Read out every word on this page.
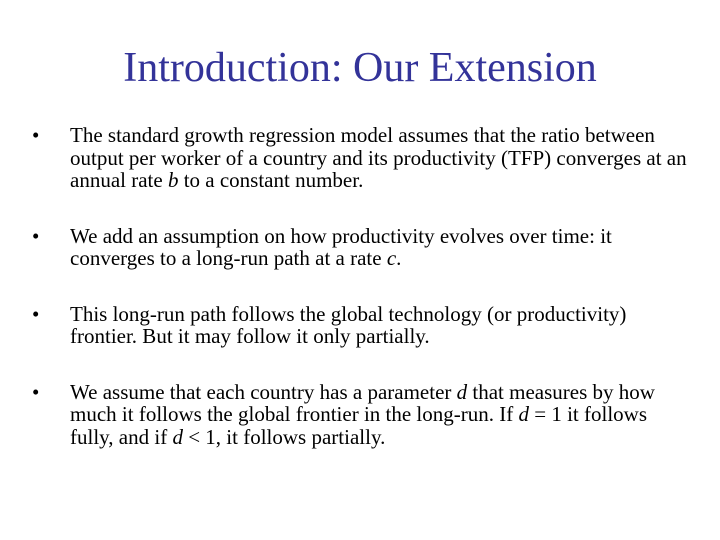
Introduction: Our Extension
•	The standard growth regression model assumes that the ratio between output per worker of a country and its productivity (TFP) converges at an annual rate b to a constant number.
•	We add an assumption on how productivity evolves over time: it converges to a long-run path at a rate c.
•	This long-run path follows the global technology (or productivity) frontier. But it may follow it only partially.
•	We assume that each country has a parameter d that measures by how much it follows the global frontier in the long-run. If d = 1 it follows fully, and if d < 1, it follows partially.
